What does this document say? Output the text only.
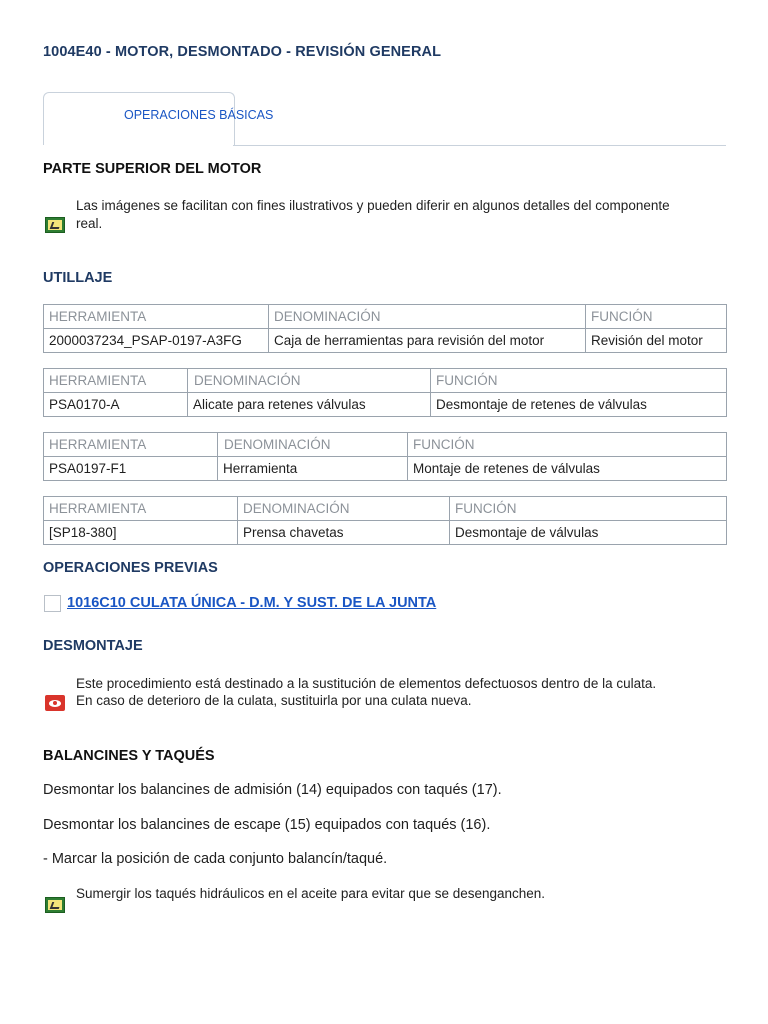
1004E40 - MOTOR, DESMONTADO - REVISIÓN GENERAL
OPERACIONES BÁSICAS
PARTE SUPERIOR DEL MOTOR
Las imágenes se facilitan con fines ilustrativos y pueden diferir en algunos detalles del componente
real.
UTILLAJE
HERRAMIENTA	DENOMINACIÓN	FUNCIÓN
2000037234_PSAP-0197-A3FG	Caja de herramientas para revisión del motor	Revisión del motor
HERRAMIENTA	DENOMINACIÓN	FUNCIÓN
PSA0170-A	Alicate para retenes válvulas	Desmontaje de retenes de válvulas
HERRAMIENTA	DENOMINACIÓN	FUNCIÓN
PSA0197-F1	Herramienta	Montaje de retenes de válvulas
HERRAMIENTA	DENOMINACIÓN	FUNCIÓN
[SP18-380]	Prensa chavetas	Desmontaje de válvulas
OPERACIONES PREVIAS
1016C10 CULATA ÚNICA - D.M. Y SUST. DE LA JUNTA
DESMONTAJE
Este procedimiento está destinado a la sustitución de elementos defectuosos dentro de la culata.
En caso de deterioro de la culata, sustituirla por una culata nueva.
BALANCINES Y TAQUÉS
Desmontar los balancines de admisión (14) equipados con taqués (17).
Desmontar los balancines de escape (15) equipados con taqués (16).
- Marcar la posición de cada conjunto balancín/taqué.
Sumergir los taqués hidráulicos en el aceite para evitar que se desenganchen.
